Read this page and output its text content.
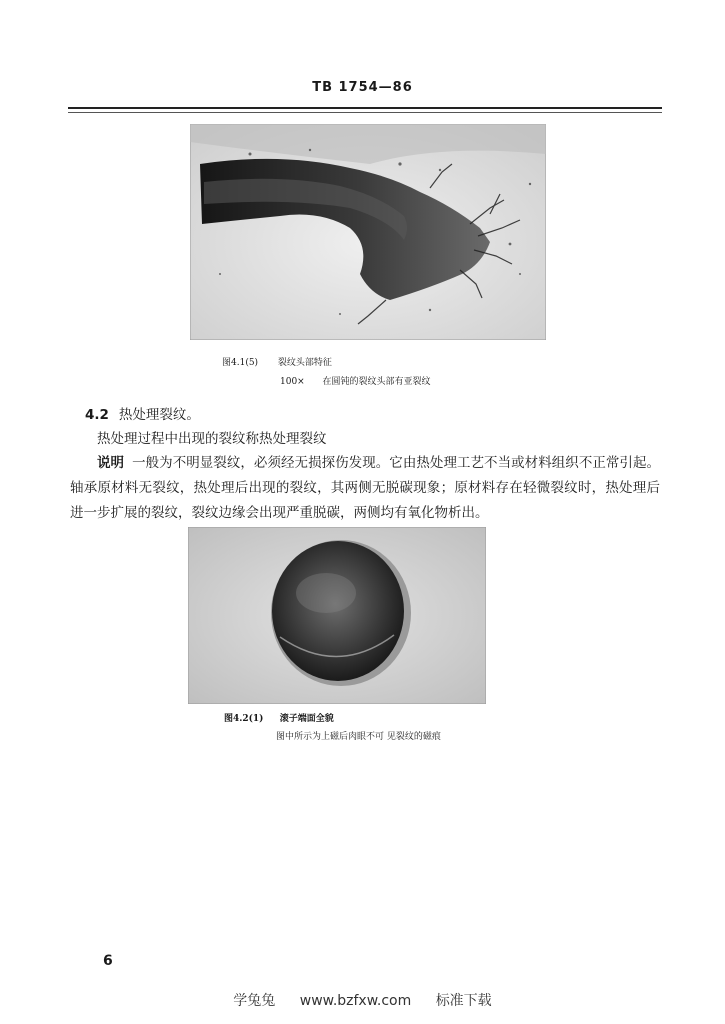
TB 1754—86
图4.1(5) 裂纹头部特征
100× 在圆钝的裂纹头部有亚裂纹
4.2 热处理裂纹。
热处理过程中出现的裂纹称热处理裂纹
说明 一般为不明显裂纹，必须经无损探伤发现。它由热处理工艺不当或材料组织不正常引起。轴承原材料无裂纹，热处理后出现的裂纹，其两侧无脱碳现象；原材料存在轻微裂纹时，热处理后进一步扩展的裂纹，裂纹边缘会出现严重脱碳，两侧均有氧化物析出。
图4.2(1) 滚子端面全貌
图中所示为上磁后肉眼不可 见裂纹的磁痕
6
学兔兔 www.bzfxw.com 标准下载
